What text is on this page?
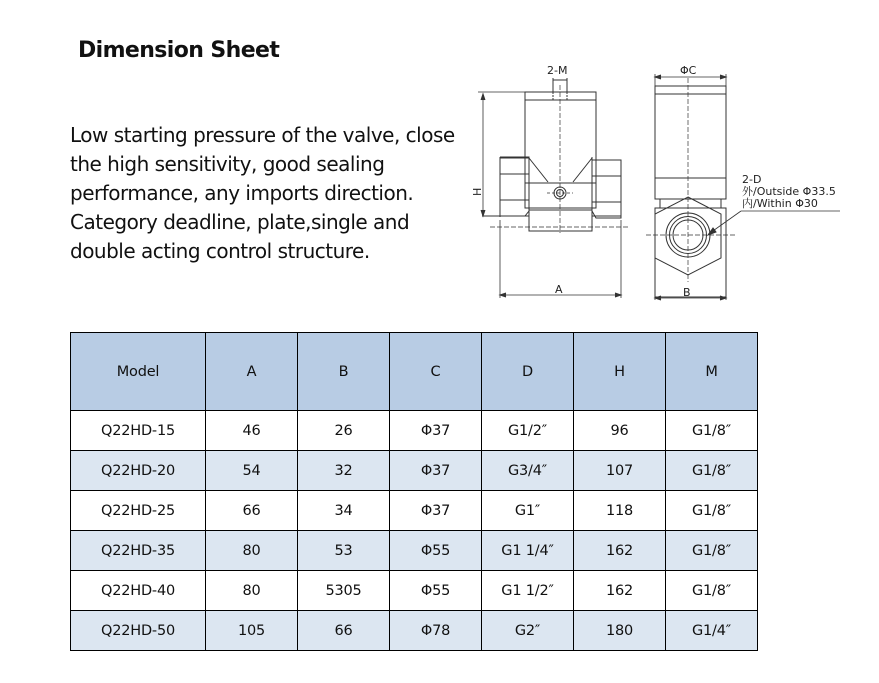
Dimension Sheet
Low starting pressure of the valve, close
the high sensitivity, good sealing
performance, any imports direction.
Category deadline, plate,single and
double acting control structure.
2-M
H
A
ΦC
B
2-D
外/Outside Φ33.5
内/Within Φ30
Model	A	B	C	D	H	M
Q22HD-15	46	26	Φ37	G1/2″	96	G1/8″
Q22HD-20	54	32	Φ37	G3/4″	107	G1/8″
Q22HD-25	66	34	Φ37	G1″	118	G1/8″
Q22HD-35	80	53	Φ55	G1 1/4″	162	G1/8″
Q22HD-40	80	5305	Φ55	G1 1/2″	162	G1/8″
Q22HD-50	105	66	Φ78	G2″	180	G1/4″
